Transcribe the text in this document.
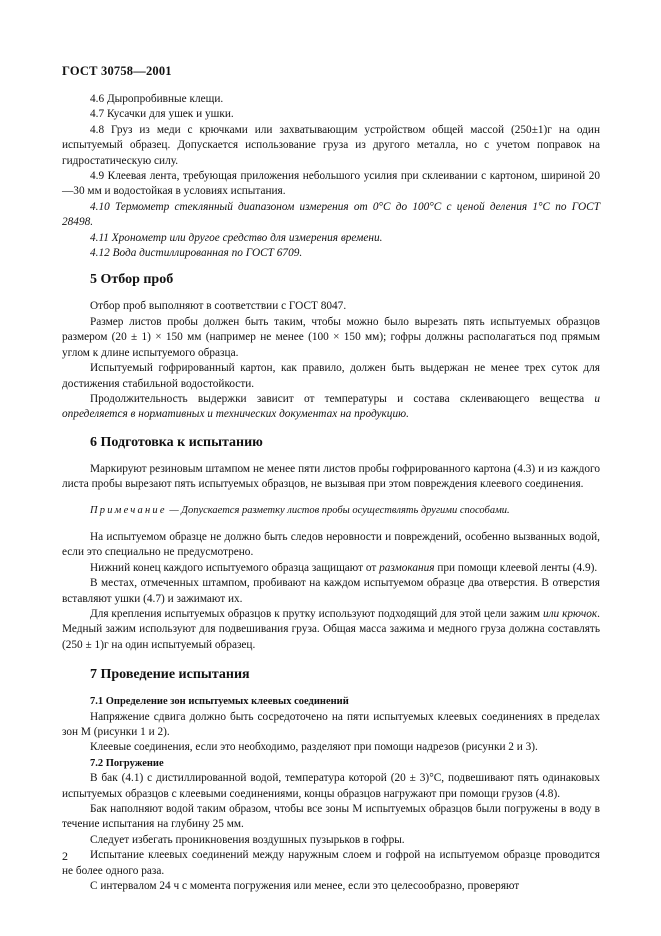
ГОСТ 30758—2001

4.6 Дыропробивные клещи.

4.7 Кусачки для ушек и ушки.

4.8 Груз из меди с крючками или захватывающим устройством общей массой (250±1)г на один испытуемый образец. Допускается использование груза из другого металла, но с учетом поправок на гидростатическую силу.

4.9 Клеевая лента, требующая приложения небольшого усилия при склеивании с картоном, шириной 20—30 мм и водостойкая в условиях испытания.

4.10 Термометр стеклянный диапазоном измерения от 0°С до 100°С с ценой деления 1°С по ГОСТ 28498.

4.11 Хронометр или другое средство для измерения времени.

4.12 Вода дистиллированная по ГОСТ 6709.

5 Отбор проб

Отбор проб выполняют в соответствии с ГОСТ 8047.

Размер листов пробы должен быть таким, чтобы можно было вырезать пять испытуемых образцов размером (20 ± 1) × 150 мм (например не менее (100 × 150 мм); гофры должны располагаться под прямым углом к длине испытуемого образца.

Испытуемый гофрированный картон, как правило, должен быть выдержан не менее трех суток для достижения стабильной водостойкости.

Продолжительность выдержки зависит от температуры и состава склеивающего вещества и определяется в нормативных и технических документах на продукцию.

6 Подготовка к испытанию

Маркируют резиновым штампом не менее пяти листов пробы гофрированного картона (4.3) и из каждого листа пробы вырезают пять испытуемых образцов, не вызывая при этом повреждения клеевого соединения.

Примечание — Допускается разметку листов пробы осуществлять другими способами.

На испытуемом образце не должно быть следов неровности и повреждений, особенно вызванных водой, если это специально не предусмотрено.

Нижний конец каждого испытуемого образца защищают от размокания при помощи клеевой ленты (4.9).

В местах, отмеченных штампом, пробивают на каждом испытуемом образце два отверстия. В отверстия вставляют ушки (4.7) и зажимают их.

Для крепления испытуемых образцов к прутку используют подходящий для этой цели зажим или крючок. Медный зажим используют для подвешивания груза. Общая масса зажима и медного груза должна составлять (250 ± 1)г на один испытуемый образец.

7 Проведение испытания

7.1 Определение зон испытуемых клеевых соединений

Напряжение сдвига должно быть сосредоточено на пяти испытуемых клеевых соединениях в пределах зон М (рисунки 1 и 2).

Клеевые соединения, если это необходимо, разделяют при помощи надрезов (рисунки 2 и 3).

7.2 Погружение

В бак (4.1) с дистиллированной водой, температура которой (20 ± 3)°С, подвешивают пять одинаковых испытуемых образцов с клеевыми соединениями, концы образцов нагружают при помощи грузов (4.8).

Бак наполняют водой таким образом, чтобы все зоны М испытуемых образцов были погружены в воду в течение испытания на глубину 25 мм.

Следует избегать проникновения воздушных пузырьков в гофры.

Испытание клеевых соединений между наружным слоем и гофрой на испытуемом образце проводится не более одного раза.

С интервалом 24 ч с момента погружения или менее, если это целесообразно, проверяют

2
